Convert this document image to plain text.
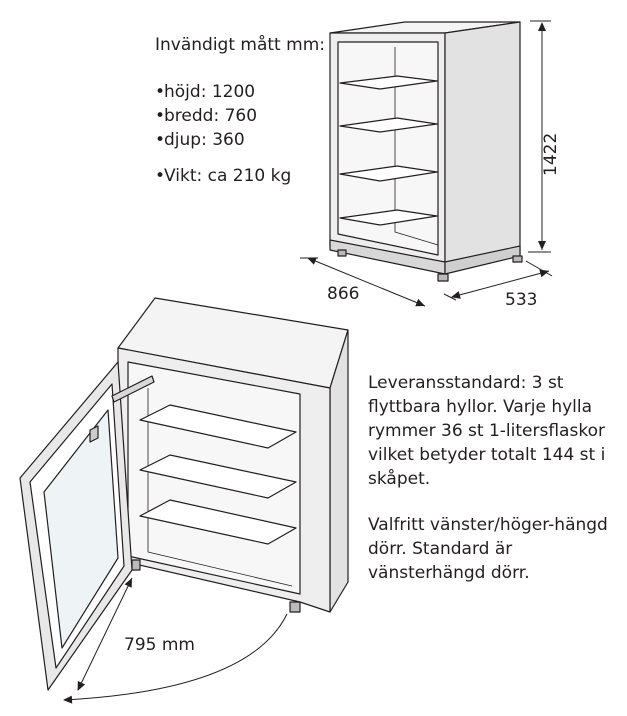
Invändigt mått mm:

•höjd: 1200
•bredd: 760
•djup: 360
•Vikt: ca 210 kg	1422
866	533
795 mm

Leveransstandard: 3 st flyttbara hyllor. Varje hylla rymmer 36 st 1-litersflaskor vilket betyder totalt 144 st i skåpet.

Valfritt vänster/höger-hängd dörr. Standard är vänsterhängd dörr.
